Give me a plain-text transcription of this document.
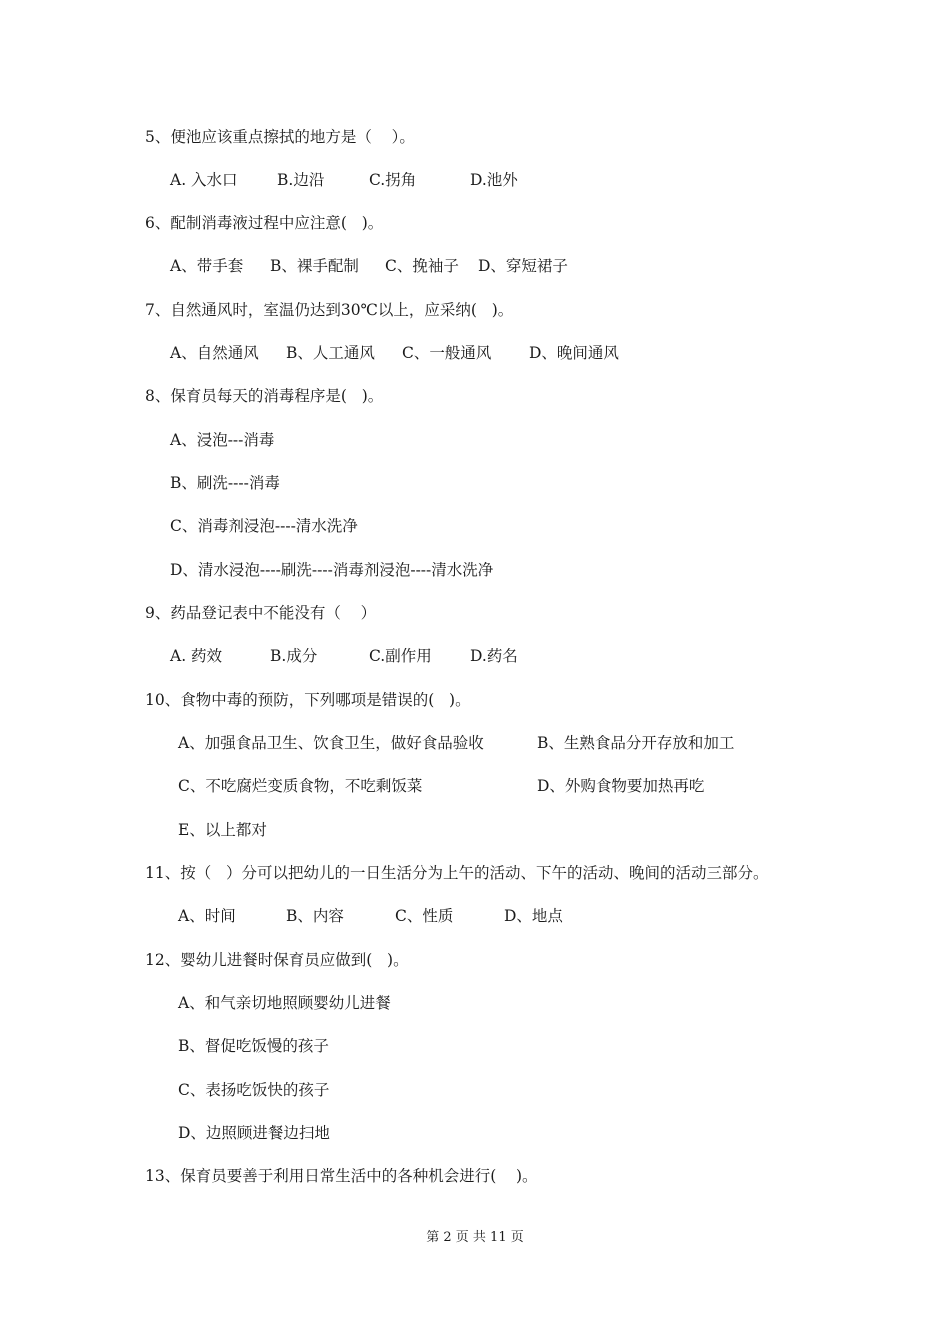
5、便池应该重点擦拭的地方是（    ）。
A. 入水口	B.边沿	C.拐角	D.池外
6、配制消毒液过程中应注意(   )。
A、带手套 B、裸手配制 C、挽袖子 D、穿短裙子
7、自然通风时，室温仍达到30℃以上，应采纳(   )。
A、自然通风 B、人工通风 C、一般通风 D、晚间通风
8、保育员每天的消毒程序是(   )。
A、浸泡---消毒
B、刷洗----消毒
C、消毒剂浸泡----清水洗净
D、清水浸泡----刷洗----消毒剂浸泡----清水洗净
9、药品登记表中不能没有（    ）
A. 药效	B.成分	C.副作用 D.药名
10、食物中毒的预防，下列哪项是错误的(   )。
A、加强食品卫生、饮食卫生，做好食品验收	B、生熟食品分开存放和加工
C、不吃腐烂变质食物，不吃剩饭菜	D、外购食物要加热再吃
E、以上都对
11、按（   ）分可以把幼儿的一日生活分为上午的活动、下午的活动、晚间的活动三部分。
A、时间	B、内容	C、性质	D、地点
12、婴幼儿进餐时保育员应做到(   )。
A、和气亲切地照顾婴幼儿进餐
B、督促吃饭慢的孩子
C、表扬吃饭快的孩子
D、边照顾进餐边扫地
13、保育员要善于利用日常生活中的各种机会进行(    )。
第 2 页 共 11 页
